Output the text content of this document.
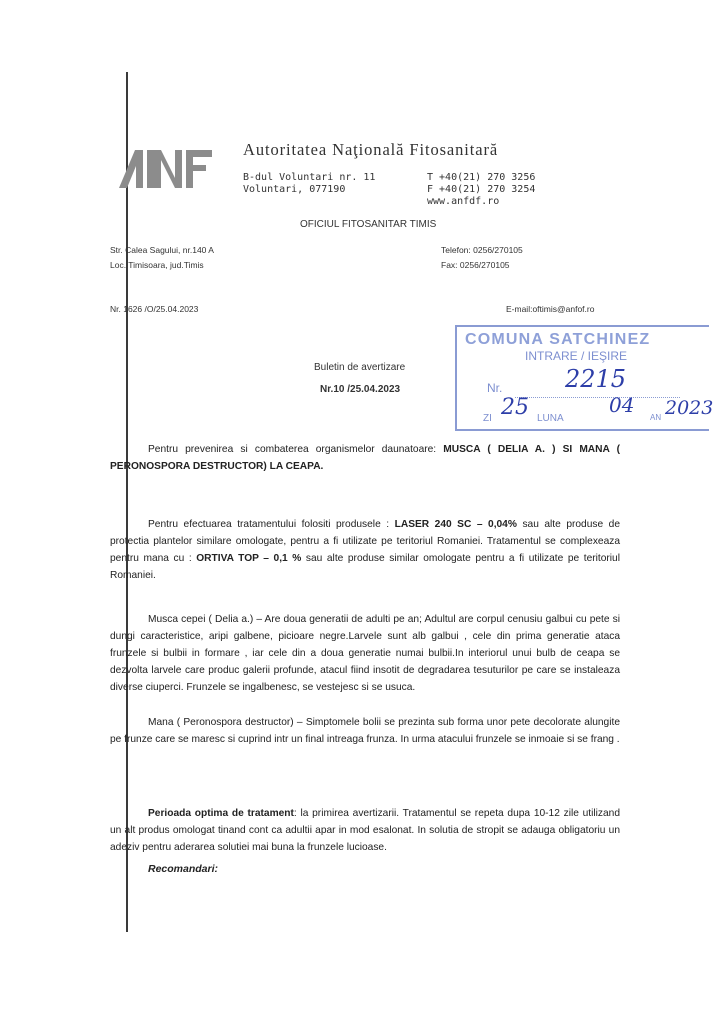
Autoritatea Naţională Fitosanitară
B-dul Voluntari nr. 11
Voluntari, 077190
T +40(21) 270 3256
F +40(21) 270 3254
www.anfdf.ro
OFICIUL FITOSANITAR TIMIS
Str. Calea Sagului, nr.140 A
Loc. Timisoara, jud.Timis
Telefon: 0256/270105
Fax: 0256/270105
Nr. 1626 /O/25.04.2023	E-mail:oftimis@anfof.ro
COMUNA SATCHINEZ
INTRARE / IEŞIRE
Nr.	2215
ZI 25 LUNA
04
AN 2023
Buletin de avertizare
Nr.10 /25.04.2023
Pentru prevenirea si combaterea organismelor daunatoare: MUSCA ( DELIA A. ) SI MANA ( PERONOSPORA DESTRUCTOR) LA CEAPA.
Pentru efectuarea tratamentului folositi produsele : LASER 240 SC – 0,04% sau alte produse de protectia plantelor similare omologate, pentru a fi utilizate pe teritoriul Romaniei. Tratamentul se complexeaza pentru mana cu : ORTIVA TOP – 0,1 % sau alte produse similar omologate pentru a fi utilizate pe teritoriul Romaniei.
Musca cepei ( Delia a.) – Are doua generatii de adulti pe an; Adultul are corpul cenusiu galbui cu pete si dungi caracteristice, aripi galbene, picioare negre.Larvele sunt alb galbui , cele din prima generatie ataca frunzele si bulbii in formare , iar cele din a doua generatie numai bulbii.In interiorul unui bulb de ceapa se dezvolta larvele care produc galerii profunde, atacul fiind insotit de degradarea tesuturilor pe care se instaleaza diverse ciuperci. Frunzele se ingalbenesc, se vestejesc si se usuca.
Mana ( Peronospora destructor) – Simptomele bolii se prezinta sub forma unor pete decolorate alungite pe frunze care se maresc si cuprind intr un final intreaga frunza. In urma atacului frunzele se inmoaie si se frang .
Perioada optima de tratament: la primirea avertizarii. Tratamentul se repeta dupa 10-12 zile utilizand un alt produs omologat tinand cont ca adultii apar in mod esalonat. In solutia de stropit se adauga obligatoriu un adeziv pentru aderarea solutiei mai buna la frunzele lucioase.
Recomandari:
